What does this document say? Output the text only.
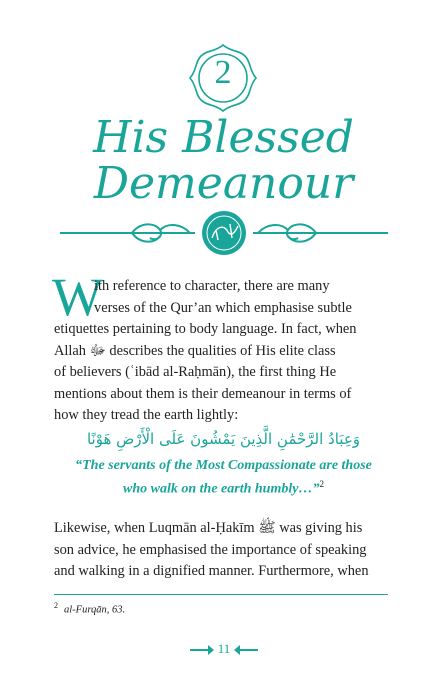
2
His Blessed
Demeanour
W
ith reference to character, there are many
verses of the Qur’an which emphasise subtle
etiquettes pertaining to body language. In fact, when
Allah ﷻ describes the qualities of His elite class
of believers (ʿibād al-Raḥmān), the first thing He
mentions about them is their demeanour in terms of
how they tread the earth lightly:
وَعِبَادُ الرَّحْمَٰنِ الَّذِينَ يَمْشُونَ عَلَى الْأَرْضِ هَوْنًا
“The servants of the Most Compassionate are those
who walk on the earth humbly…”$^2$
Likewise, when Luqmān al-Ḥakīm ﷺ was giving his
son advice, he emphasised the importance of speaking
and walking in a dignified manner. Furthermore, when
$^2$ al-Furqān, 63.
11
